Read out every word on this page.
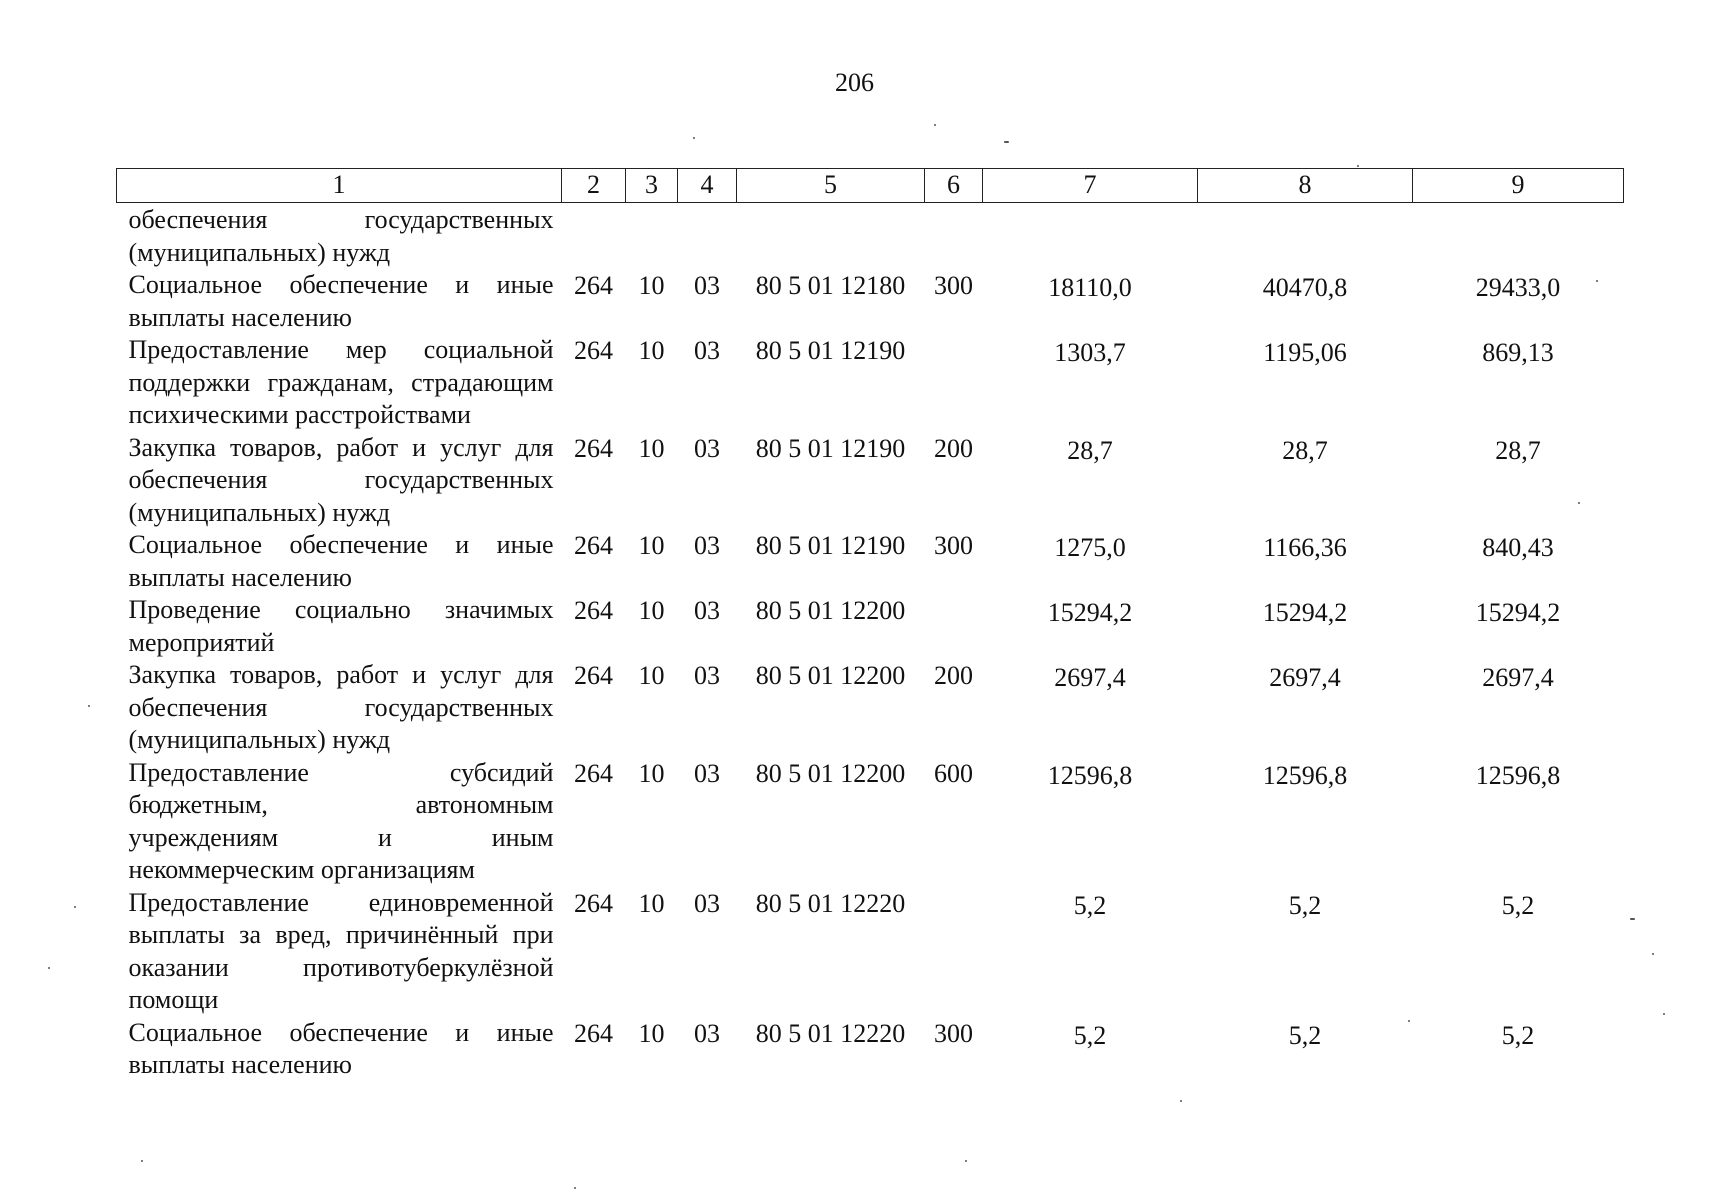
206
1	2	3	4	5	6	7	8	9
обеспечения государственных (муниципальных) нужд								
Социальное обеспечение и иные выплаты населению	264	10	03	80 5 01 12180	300	18110,0	40470,8	29433,0
Предоставление мер социальной поддержки гражданам, страдающим психическими расстройствами	264	10	03	80 5 01 12190		1303,7	1195,06	869,13
Закупка товаров, работ и услуг для обеспечения государственных (муниципальных) нужд	264	10	03	80 5 01 12190	200	28,7	28,7	28,7
Социальное обеспечение и иные выплаты населению	264	10	03	80 5 01 12190	300	1275,0	1166,36	840,43
Проведение социально значимых мероприятий	264	10	03	80 5 01 12200		15294,2	15294,2	15294,2
Закупка товаров, работ и услуг для обеспечения государственных (муниципальных) нужд	264	10	03	80 5 01 12200	200	2697,4	2697,4	2697,4
Предоставление субсидий бюджетным, автономным учреждениям и иным некоммерческим организациям	264	10	03	80 5 01 12200	600	12596,8	12596,8	12596,8
Предоставление единовременной выплаты за вред, причинённый при оказании противотуберкулёзной помощи	264	10	03	80 5 01 12220		5,2	5,2	5,2
Социальное обеспечение и иные выплаты населению	264	10	03	80 5 01 12220	300	5,2	5,2	5,2
